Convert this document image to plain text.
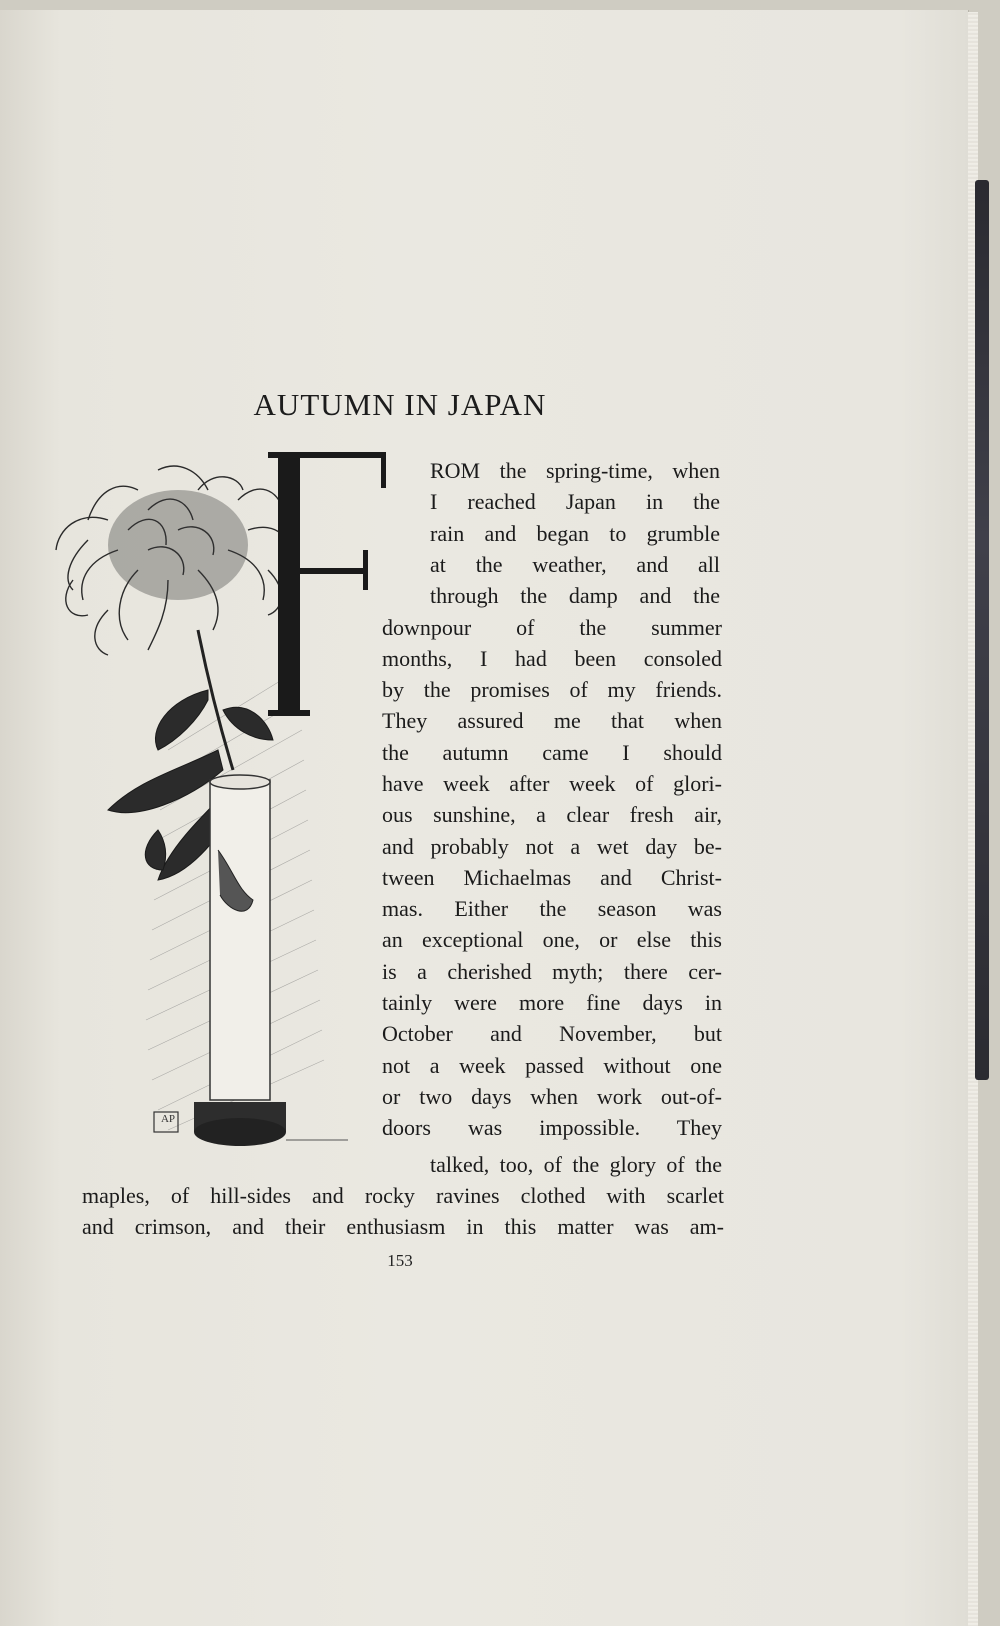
AUTUMN IN JAPAN
AP
ROM the spring-time, when
I reached Japan in the
rain and began to grumble
at the weather, and all
through the damp and the
downpour of the summer
months, I had been consoled
by the promises of my friends.
They assured me that when
the autumn came I should
have week after week of glori-
ous sunshine, a clear fresh air,
and probably not a wet day be-
tween Michaelmas and Christ-
mas. Either the season was
an exceptional one, or else this
is a cherished myth; there cer-
tainly were more fine days in
October and November, but
not a week passed without one
or two days when work out-of-
doors was impossible. They
talked, too, of the glory of the
maples, of hill-sides and rocky ravines clothed with scarlet
and crimson, and their enthusiasm in this matter was am-
153
